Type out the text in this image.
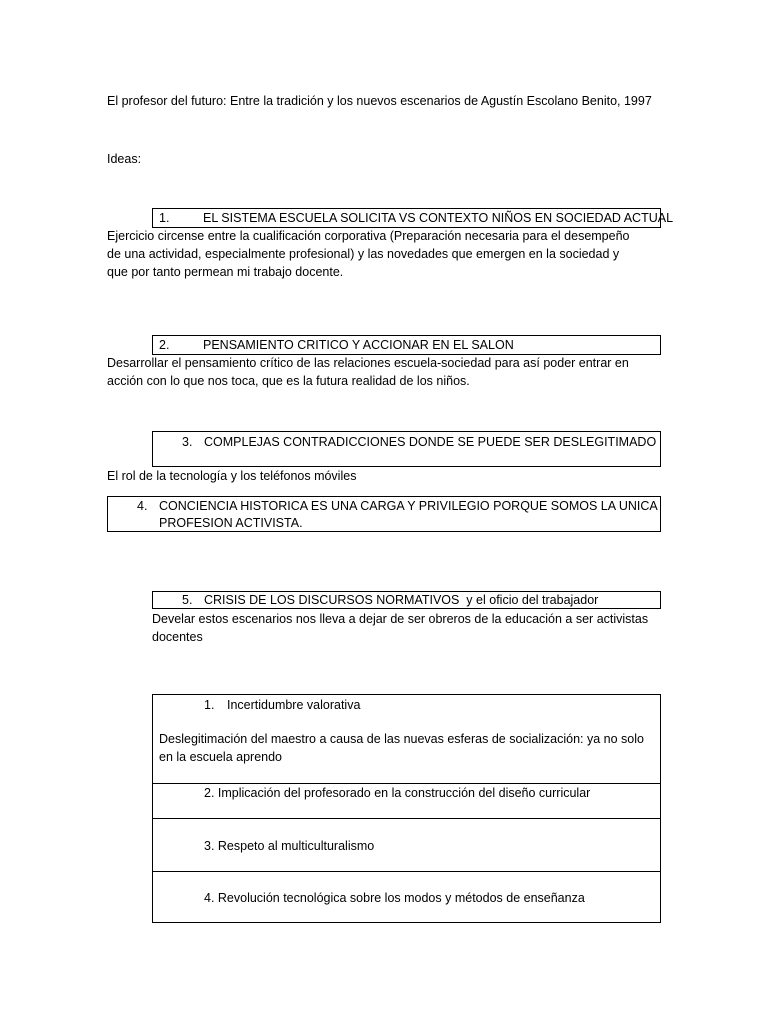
El profesor del futuro: Entre la tradición y los nuevos escenarios de Agustín Escolano Benito, 1997

Ideas:

1.	EL SISTEMA ESCUELA SOLICITA VS CONTEXTO NIÑOS EN SOCIEDAD ACTUAL
Ejercicio circense entre la cualificación corporativa (Preparación necesaria para el desempeño
de una actividad, especialmente profesional) y las novedades que emergen en la sociedad y
que por tanto permean mi trabajo docente.
2.	PENSAMIENTO CRITICO Y ACCIONAR EN EL SALON
Desarrollar el pensamiento crítico de las relaciones escuela-sociedad para así poder entrar en
acción con lo que nos toca, que es la futura realidad de los niños.
3. COMPLEJAS CONTRADICCIONES DONDE SE PUEDE SER DESLEGITIMADO

El rol de la tecnología y los teléfonos móviles

4. CONCIENCIA HISTORICA ES UNA CARGA Y PRIVILEGIO PORQUE SOMOS LA UNICA
PROFESION ACTIVISTA.
5. CRISIS DE LOS DISCURSOS NORMATIVOS  y el oficio del trabajador
Develar estos escenarios nos lleva a dejar de ser obreros de la educación a ser activistas
docentes
1. Incertidumbre valorativa
Deslegitimación del maestro a causa de las nuevas esferas de socialización: ya no solo
en la escuela aprendo
2. Implicación del profesorado en la construcción del diseño curricular
3. Respeto al multiculturalismo
4. Revolución tecnológica sobre los modos y métodos de enseñanza
